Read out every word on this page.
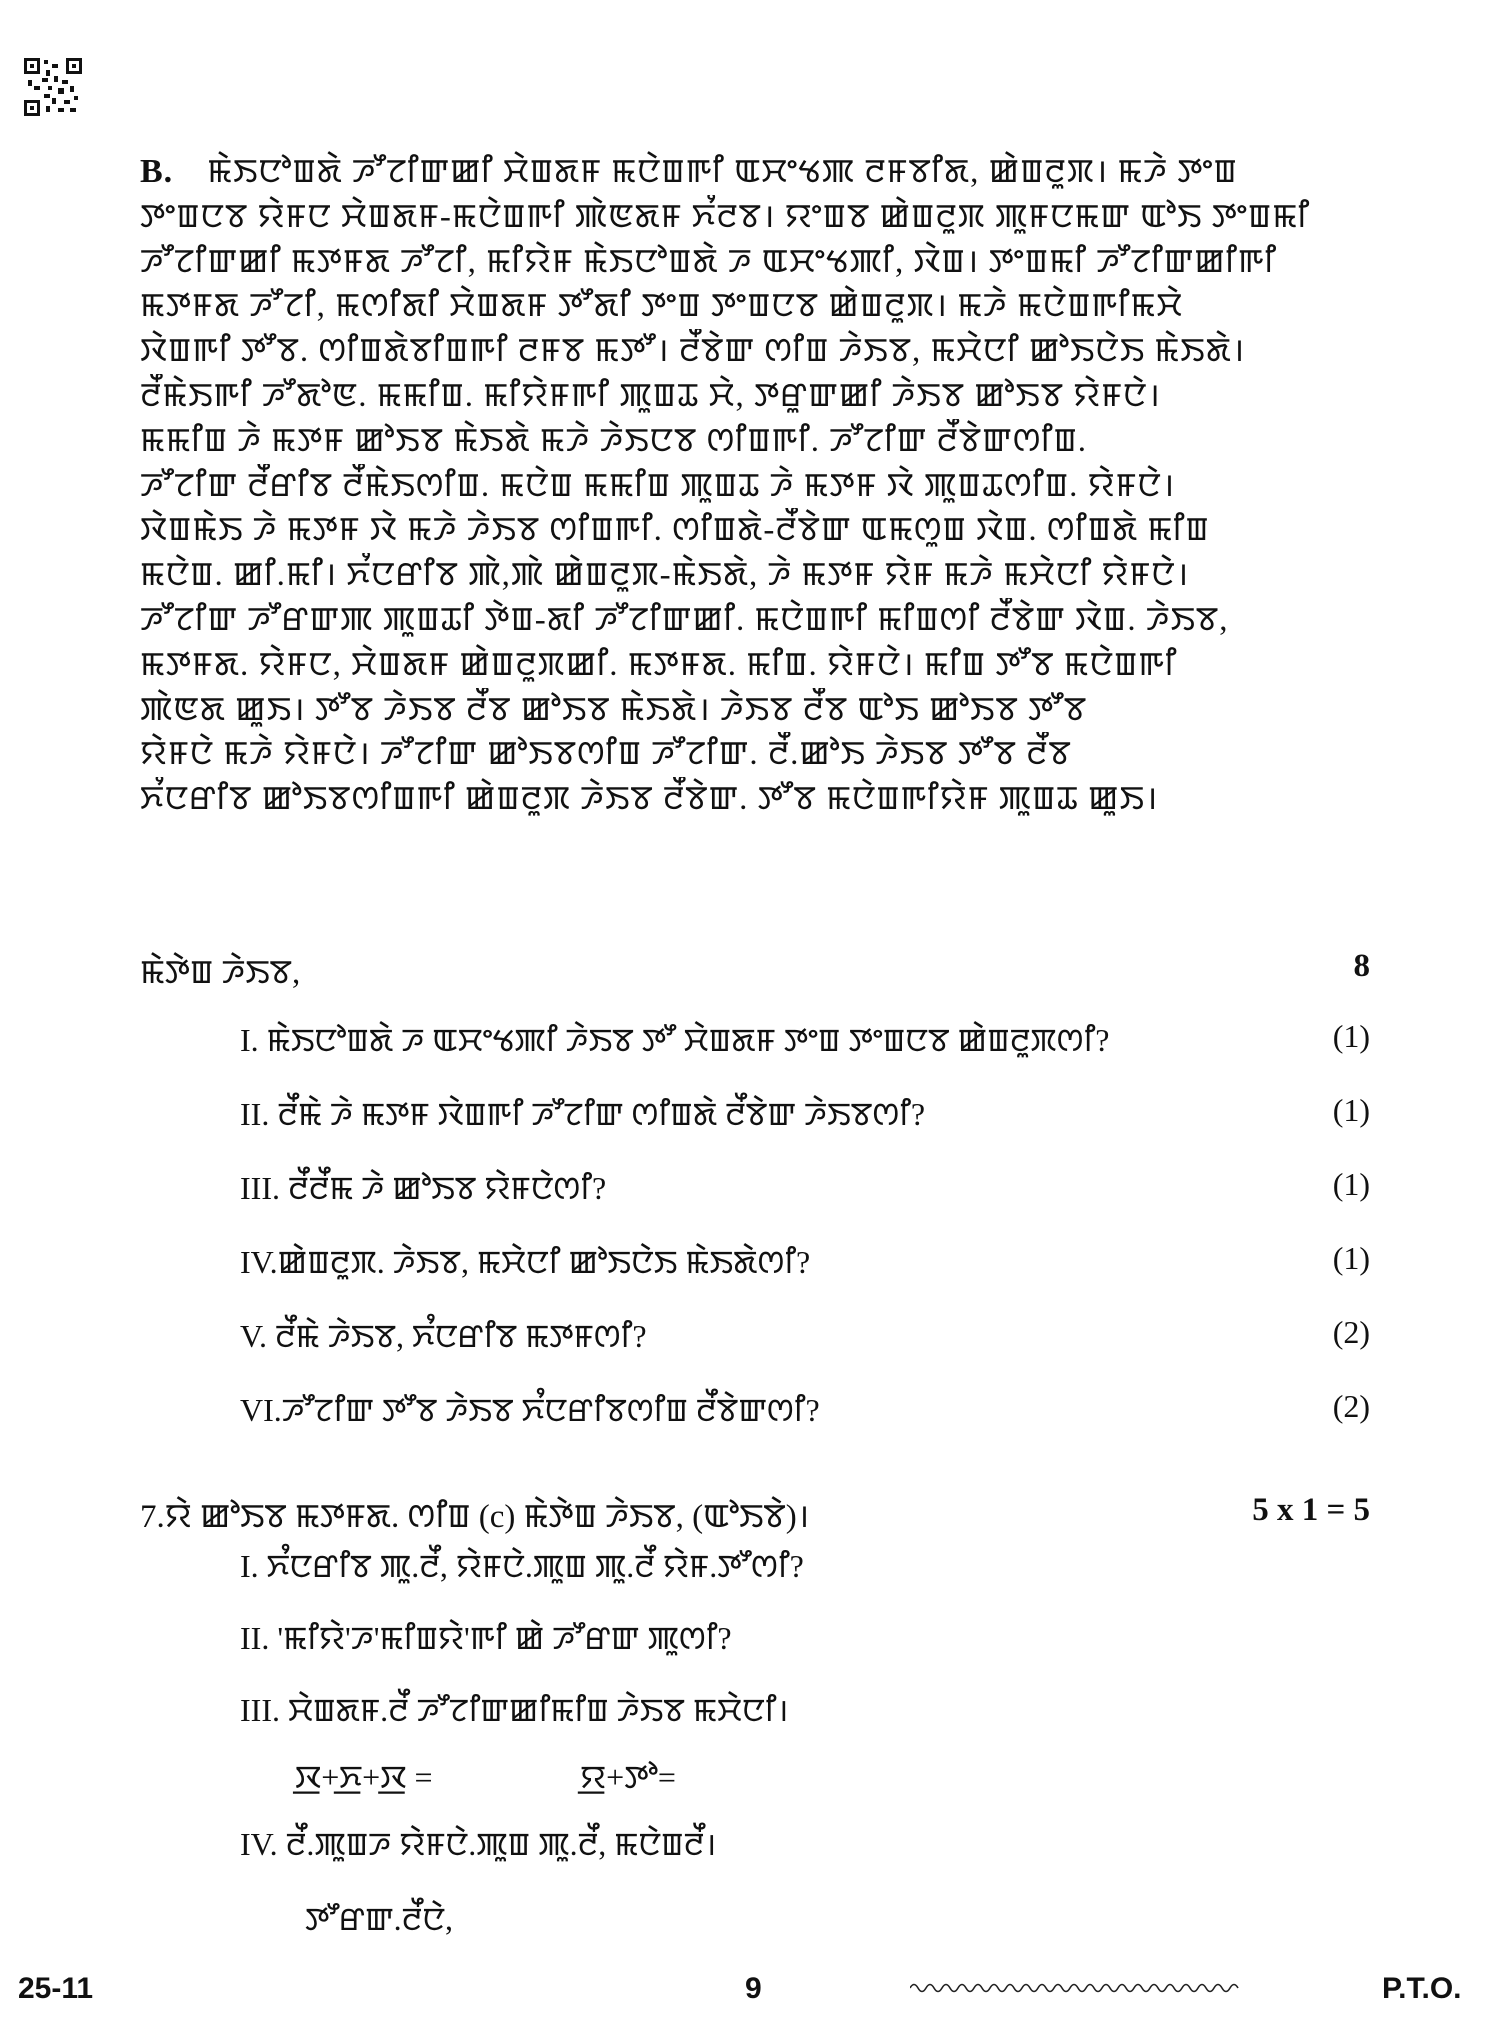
B. ꯃꯥꯏꯅꯣꯡꯗꯥ ꯍꯧꯖꯤꯛꯀꯤ ꯆꯥꯡꯗꯝ ꯃꯅꯥꯡꯒꯤ ꯑꯆꯦꯠꯄ ꯂꯝꯕꯤꯗ, ꯀꯥꯡꯂꯨꯞ। ꯃꯍꯥ ꯇꯦꯡ
ꯇꯦꯡꯅꯕ ꯌꯥꯝꯅ ꯆꯥꯡꯗꯝ-ꯃꯅꯥꯡꯒꯤ ꯄꯥꯟꯗꯝ ꯈꯪꯂꯕ। ꯌꯦꯡꯕ ꯀꯥꯡꯂꯨꯞ ꯄꯨꯝꯅꯃꯛ ꯑꯣꯏ ꯇꯦꯡꯃꯤ
ꯍꯧꯖꯤꯛꯀꯤ ꯃꯇꯝꯗ ꯍꯧꯖꯤ, ꯃꯤꯌꯥꯝ ꯃꯥꯏꯅꯣꯡꯗꯥ ꯍ ꯑꯆꯦꯠꯄꯤ, ꯋꯥꯡ। ꯇꯦꯡꯃꯤ ꯍꯧꯖꯤꯛꯀꯤꯒꯤ
ꯃꯇꯝꯗ ꯍꯧꯖꯤ, ꯃꯁꯤꯗꯤ ꯆꯥꯡꯗꯝ ꯇꯧꯗꯤ ꯇꯦꯡ ꯇꯦꯡꯅꯕ ꯀꯥꯡꯂꯨꯞ। ꯃꯍꯥ ꯃꯅꯥꯡꯒꯤꯃꯆꯥ
ꯋꯥꯡꯒꯤ ꯇꯧꯕ. ꯁꯤꯡꯗꯥꯕꯤꯡꯒꯤ ꯂꯝꯕ ꯃꯇꯧ। ꯂꯩꯕꯥꯛ ꯁꯤꯡ ꯍꯥꯏꯕ, ꯃꯆꯥꯅꯤ ꯀꯣꯏꯅꯥꯏ ꯃꯥꯏꯗꯥ।
ꯂꯩꯃꯥꯏꯒꯤ ꯍꯧꯗꯣꯟ. ꯃꯃꯤꯡ. ꯃꯤꯌꯥꯝꯒꯤ ꯄꯨꯡꯊ ꯆꯥ, ꯇꯔꯨꯛꯀꯤ ꯍꯥꯏꯕ ꯀꯣꯏꯕ ꯌꯥꯝꯅꯥ।
ꯃꯃꯤꯡ ꯍꯥ ꯃꯇꯝ ꯀꯣꯏꯕ ꯃꯥꯏꯗꯥ ꯃꯍꯥ ꯍꯥꯏꯅꯕ ꯁꯤꯡꯒꯤ. ꯍꯧꯖꯤꯛ ꯂꯩꯕꯥꯛꯁꯤꯡ.
ꯍꯧꯖꯤꯛ ꯂꯩꯔꯤꯕ ꯂꯩꯃꯥꯏꯁꯤꯡ. ꯃꯅꯥꯡ ꯃꯃꯤꯡ ꯄꯨꯡꯊ ꯍꯥ ꯃꯇꯝ ꯋꯥ ꯄꯨꯡꯊꯁꯤꯡ. ꯌꯥꯝꯅꯥ।
ꯋꯥꯡꯃꯥꯏ ꯍꯥ ꯃꯇꯝ ꯋꯥ ꯃꯍꯥ ꯍꯥꯏꯕ ꯁꯤꯡꯒꯤ. ꯁꯤꯡꯗꯥ-ꯂꯩꯕꯥꯛ ꯑꯃꯁꯨꯡ ꯋꯥꯡ. ꯁꯤꯡꯗꯥ ꯃꯤꯡ
ꯃꯅꯥꯡ. ꯀꯤ.ꯃꯤ। ꯈꯪꯅꯔꯤꯕ ꯄꯥ,ꯄꯥ ꯀꯥꯡꯂꯨꯞ-ꯃꯥꯏꯗꯥ, ꯍꯥ ꯃꯇꯝ ꯌꯥꯝ ꯃꯍꯥ ꯃꯆꯥꯅꯤ ꯌꯥꯝꯅꯥ।
ꯍꯧꯖꯤꯛ ꯍꯧꯔꯛꯄ ꯄꯨꯡꯊꯤ ꯇꯥꯡ-ꯗꯤ ꯍꯧꯖꯤꯛꯀꯤ. ꯃꯅꯥꯡꯒꯤ ꯃꯤꯡꯁꯤ ꯂꯩꯕꯥꯛ ꯋꯥꯡ. ꯍꯥꯏꯕ,
ꯃꯇꯝꯗ. ꯌꯥꯝꯅ, ꯆꯥꯡꯗꯝ ꯀꯥꯡꯂꯨꯞꯀꯤ. ꯃꯇꯝꯗ. ꯃꯤꯡ. ꯌꯥꯝꯅꯥ। ꯃꯤꯡ ꯇꯧꯕ ꯃꯅꯥꯡꯒꯤ
ꯄꯥꯟꯗ ꯀꯨꯏ। ꯇꯧꯕ ꯍꯥꯏꯕ ꯂꯩꯕ ꯀꯣꯏꯕ ꯃꯥꯏꯗꯥ। ꯍꯥꯏꯕ ꯂꯩꯕ ꯑꯣꯏ ꯀꯣꯏꯕ ꯇꯧꯕ
ꯌꯥꯝꯅꯥ ꯃꯍꯥ ꯌꯥꯝꯅꯥ। ꯍꯧꯖꯤꯛ ꯀꯣꯏꯕꯁꯤꯡ ꯍꯧꯖꯤꯛ. ꯂꯩ.ꯀꯣꯏ ꯍꯥꯏꯕ ꯇꯧꯕ ꯂꯩꯕ
ꯈꯪꯅꯔꯤꯕ ꯀꯣꯏꯕꯁꯤꯡꯒꯤ ꯀꯥꯡꯂꯨꯞ ꯍꯥꯏꯕ ꯂꯩꯕꯥꯛ. ꯇꯧꯕ ꯃꯅꯥꯡꯒꯤꯌꯥꯝ ꯄꯨꯡꯊ ꯀꯨꯏ।
ꯃꯥꯇꯥꯡ ꯍꯥꯏꯕ,	8
I. ꯃꯥꯏꯅꯣꯡꯗꯥ ꯍ ꯑꯆꯦꯠꯄꯤ ꯍꯥꯏꯕ ꯇꯧ ꯆꯥꯡꯗꯝ ꯇꯦꯡ ꯇꯦꯡꯅꯕ ꯀꯥꯡꯂꯨꯞꯁꯤ?	(1)
II. ꯂꯩꯃꯥ ꯍꯥ ꯃꯇꯝ ꯋꯥꯡꯒꯤ ꯍꯧꯖꯤꯛ ꯁꯤꯡꯗꯥ ꯂꯩꯕꯥꯛ ꯍꯥꯏꯕꯁꯤ?	(1)
III. ꯂꯩꯂꯩꯃ ꯍꯥ ꯀꯣꯏꯕ ꯌꯥꯝꯅꯥꯁꯤ?	(1)
IV.ꯀꯥꯡꯂꯨꯞ. ꯍꯥꯏꯕ, ꯃꯆꯥꯅꯤ ꯀꯣꯏꯅꯥꯏ ꯃꯥꯏꯗꯥꯁꯤ?	(1)
V. ꯂꯩꯃꯥ ꯍꯥꯏꯕ, ꯈꯪꯅꯔꯤꯕ ꯃꯇꯝꯁꯤ?	(2)
VI.ꯍꯧꯖꯤꯛ ꯇꯧꯕ ꯍꯥꯏꯕ ꯈꯪꯅꯔꯤꯕꯁꯤꯡ ꯂꯩꯕꯥꯛꯁꯤ?	(2)
7.ꯌꯥ ꯀꯣꯏꯕ ꯃꯇꯝꯗ. ꯁꯤꯡ (c) ꯃꯥꯇꯥꯡ ꯍꯥꯏꯕ, (ꯑꯣꯏꯕꯥ)।	5 x 1 = 5
I. ꯈꯪꯅꯔꯤꯕ ꯄꯨ.ꯂꯩ, ꯌꯥꯝꯅꯥ.ꯄꯨꯡ ꯄꯨ.ꯂꯩ ꯌꯥꯝ.ꯇꯧꯁꯤ?
II. 'ꯃꯤꯌꯥ'ꯍ'ꯃꯤꯡꯌꯥ'ꯒꯤ ꯀꯥ ꯍꯧꯔꯛ ꯄꯨꯁꯤ?
III. ꯆꯥꯡꯗꯝ.ꯂꯩ ꯍꯧꯖꯤꯛꯀꯤꯃꯤꯡ ꯍꯥꯏꯕ ꯃꯆꯥꯅꯤ।
ꯋ꯭+ꯈ꯭+ꯋ꯭ =	ꯌ꯭+ꯇꯣ=
IV. ꯂꯩ.ꯄꯨꯡꯍ ꯌꯥꯝꯅꯥ.ꯄꯨꯡ ꯄꯨ.ꯂꯩ, ꯃꯅꯥꯡꯂꯩ।
ꯇꯧꯔꯛ.ꯂꯩꯅꯥ,
25-11	9	P.T.O.
